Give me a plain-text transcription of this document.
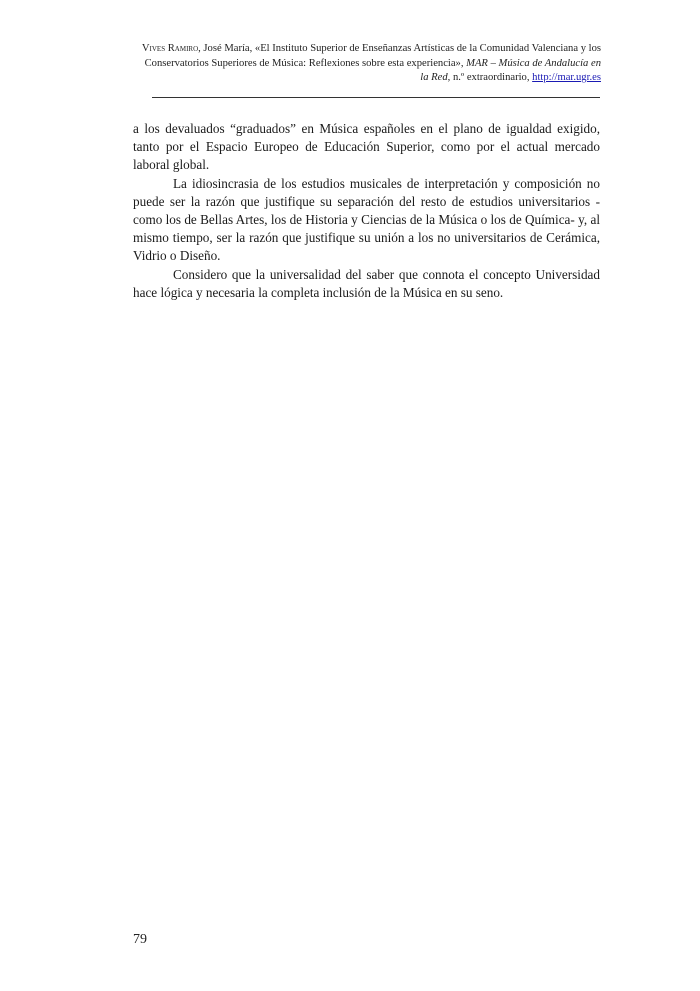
Vives Ramiro, José María, «El Instituto Superior de Enseñanzas Artísticas de la Comunidad Valenciana y los Conservatorios Superiores de Música: Reflexiones sobre esta experiencia», MAR – Música de Andalucía en la Red, n.º extraordinario, http://mar.ugr.es

a los devaluados “graduados” en Música españoles en el plano de igualdad exigido, tanto por el Espacio Europeo de Educación Superior, como por el actual mercado laboral global.

La idiosincrasia de los estudios musicales de interpretación y composición no puede ser la razón que justifique su separación del resto de estudios universitarios -como los de Bellas Artes, los de Historia y Ciencias de la Música o los de Química- y, al mismo tiempo, ser la razón que justifique su unión a los no universitarios de Cerámica, Vidrio o Diseño.

Considero que la universalidad del saber que connota el concepto Universidad hace lógica y necesaria la completa inclusión de la Música en su seno.

79
